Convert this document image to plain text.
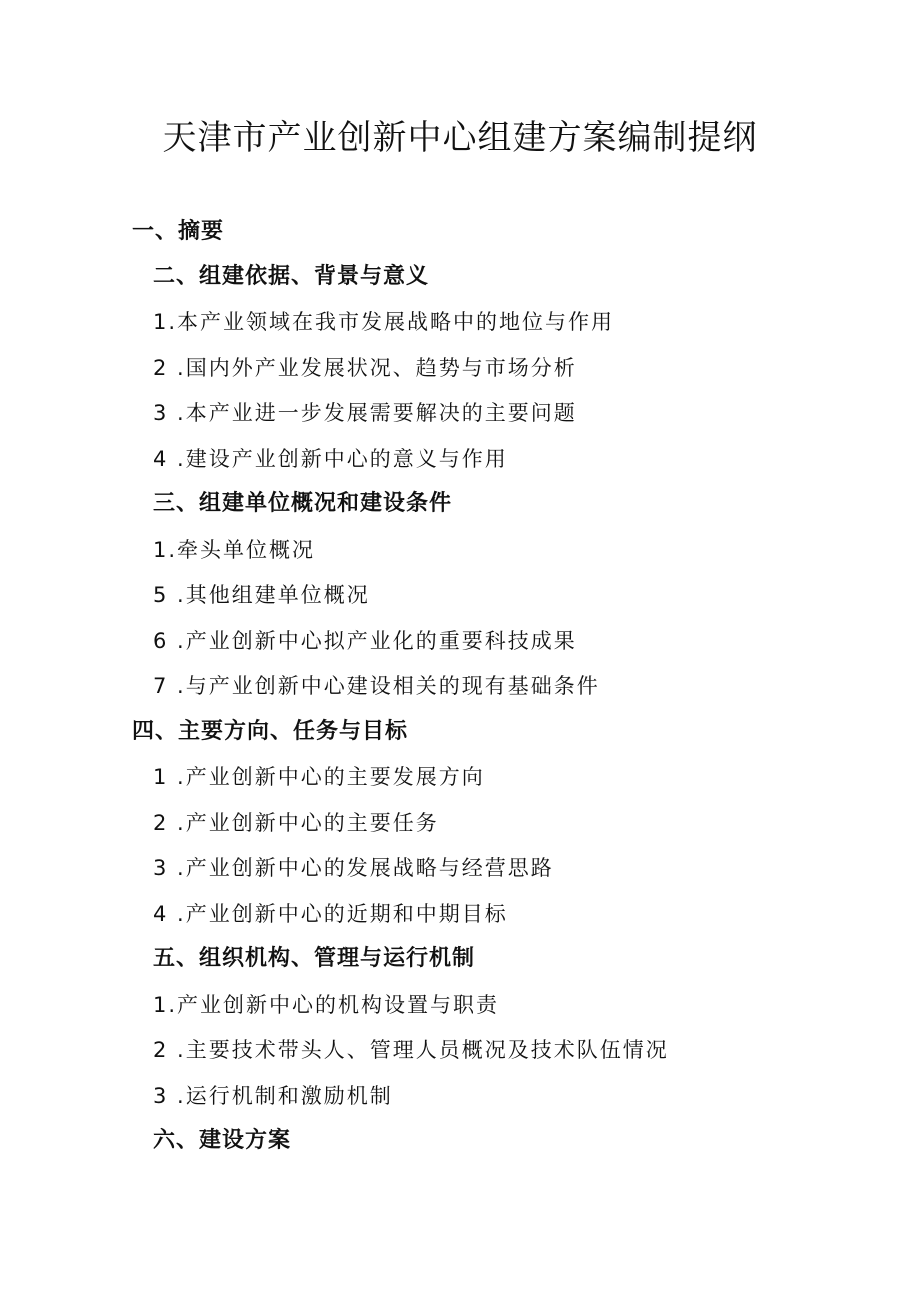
天津市产业创新中心组建方案编制提纲
一、摘要
二、组建依据、背景与意义
1.本产业领域在我市发展战略中的地位与作用
2 .国内外产业发展状况、趋势与市场分析
3 .本产业进一步发展需要解决的主要问题
4 .建设产业创新中心的意义与作用
三、组建单位概况和建设条件
1.牵头单位概况
5 .其他组建单位概况
6 .产业创新中心拟产业化的重要科技成果
7 .与产业创新中心建设相关的现有基础条件
四、主要方向、任务与目标
1 .产业创新中心的主要发展方向
2 .产业创新中心的主要任务
3 .产业创新中心的发展战略与经营思路
4 .产业创新中心的近期和中期目标
五、组织机构、管理与运行机制
1.产业创新中心的机构设置与职责
2 .主要技术带头人、管理人员概况及技术队伍情况
3 .运行机制和激励机制
六、建设方案
